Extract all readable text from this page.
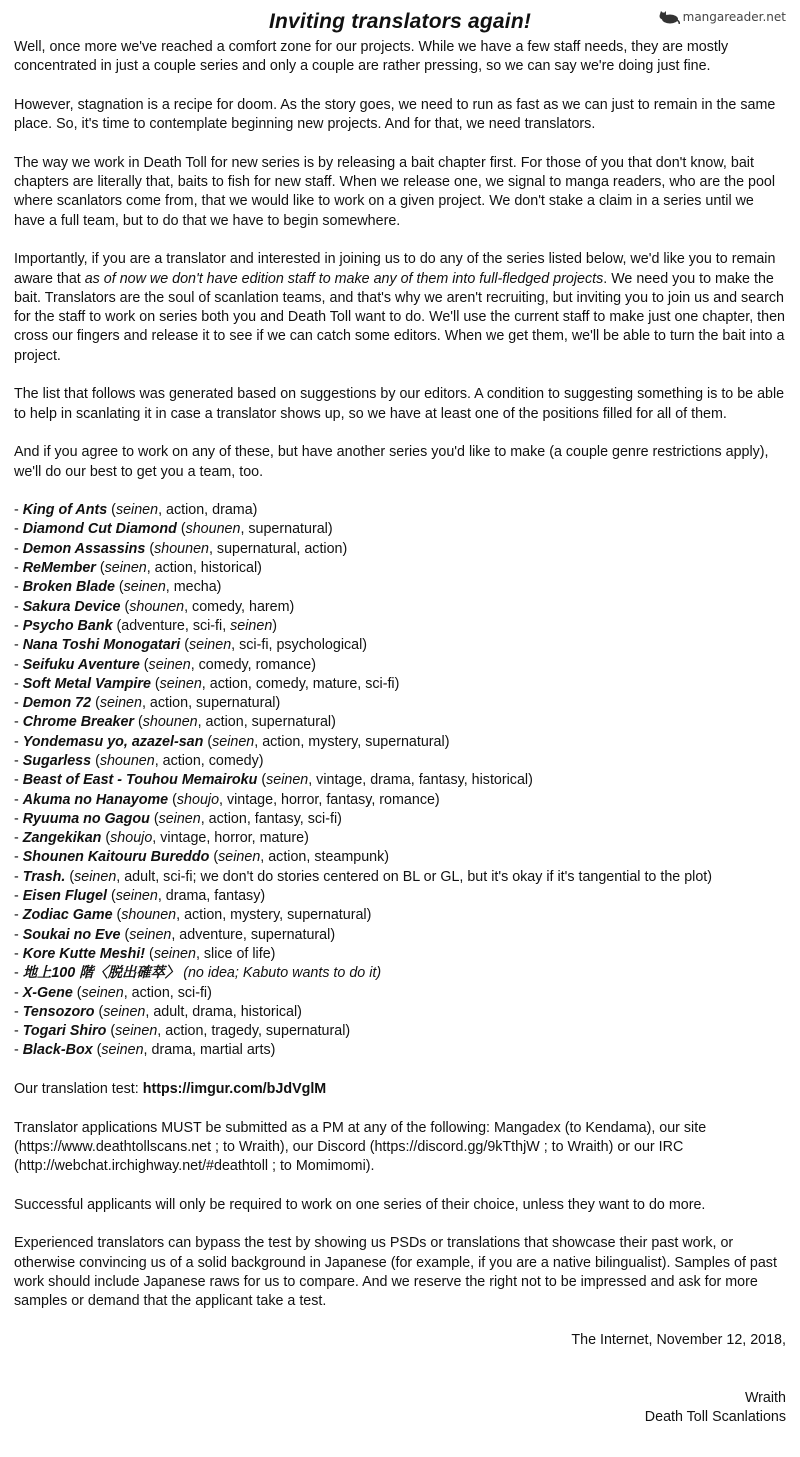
Inviting translators again!	mangareader.net

Well, once more we've reached a comfort zone for our projects. While we have a few staff needs, they are mostly concentrated in just a couple series and only a couple are rather pressing, so we can say we're doing just fine.

However, stagnation is a recipe for doom. As the story goes, we need to run as fast as we can just to remain in the same place. So, it's time to contemplate beginning new projects. And for that, we need translators.

The way we work in Death Toll for new series is by releasing a bait chapter first. For those of you that don't know, bait chapters are literally that, baits to fish for new staff. When we release one, we signal to manga readers, who are the pool where scanlators come from, that we would like to work on a given project. We don't stake a claim in a series until we have a full team, but to do that we have to begin somewhere.

Importantly, if you are a translator and interested in joining us to do any of the series listed below, we'd like you to remain aware that as of now we don't have edition staff to make any of them into full-fledged projects. We need you to make the bait. Translators are the soul of scanlation teams, and that's why we aren't recruiting, but inviting you to join us and search for the staff to work on series both you and Death Toll want to do. We'll use the current staff to make just one chapter, then cross our fingers and release it to see if we can catch some editors. When we get them, we'll be able to turn the bait into a project.

The list that follows was generated based on suggestions by our editors. A condition to suggesting something is to be able to help in scanlating it in case a translator shows up, so we have at least one of the positions filled for all of them.

And if you agree to work on any of these, but have another series you'd like to make (a couple genre restrictions apply), we'll do our best to get you a team, too.

- King of Ants (seinen, action, drama)
- Diamond Cut Diamond (shounen, supernatural)
- Demon Assassins (shounen, supernatural, action)
- ReMember (seinen, action, historical)
- Broken Blade (seinen, mecha)
- Sakura Device (shounen, comedy, harem)
- Psycho Bank (adventure, sci-fi, seinen)
- Nana Toshi Monogatari (seinen, sci-fi, psychological)
- Seifuku Aventure (seinen, comedy, romance)
- Soft Metal Vampire (seinen, action, comedy, mature, sci-fi)
- Demon 72 (seinen, action, supernatural)
- Chrome Breaker (shounen, action, supernatural)
- Yondemasu yo, azazel-san (seinen, action, mystery, supernatural)
- Sugarless (shounen, action, comedy)
- Beast of East - Touhou Memairoku (seinen, vintage, drama, fantasy, historical)
- Akuma no Hanayome (shoujo, vintage, horror, fantasy, romance)
- Ryuuma no Gagou (seinen, action, fantasy, sci-fi)
- Zangekikan (shoujo, vintage, horror, mature)
- Shounen Kaitouru Bureddo (seinen, action, steampunk)
- Trash. (seinen, adult, sci-fi; we don't do stories centered on BL or GL, but it's okay if it's tangential to the plot)
- Eisen Flugel (seinen, drama, fantasy)
- Zodiac Game (shounen, action, mystery, supernatural)
- Soukai no Eve (seinen, adventure, supernatural)
- Kore Kutte Meshi! (seinen, slice of life)
- 地上100 階〈脱出確萃〉 (no idea; Kabuto wants to do it)
- X-Gene (seinen, action, sci-fi)
- Tensozoro (seinen, adult, drama, historical)
- Togari Shiro (seinen, action, tragedy, supernatural)
- Black-Box (seinen, drama, martial arts)

Our translation test: https://imgur.com/bJdVglM

Translator applications MUST be submitted as a PM at any of the following: Mangadex (to Kendama), our site (https://www.deathtollscans.net ; to Wraith), our Discord (https://discord.gg/9kTthjW ; to Wraith) or our IRC (http://webchat.irchighway.net/#deathtoll ; to Momimomi).

Successful applicants will only be required to work on one series of their choice, unless they want to do more.

Experienced translators can bypass the test by showing us PSDs or translations that showcase their past work, or otherwise convincing us of a solid background in Japanese (for example, if you are a native bilingualist). Samples of past work should include Japanese raws for us to compare. And we reserve the right not to be impressed and ask for more samples or demand that the applicant take a test.

The Internet, November 12, 2018,
Wraith
Death Toll Scanlations
